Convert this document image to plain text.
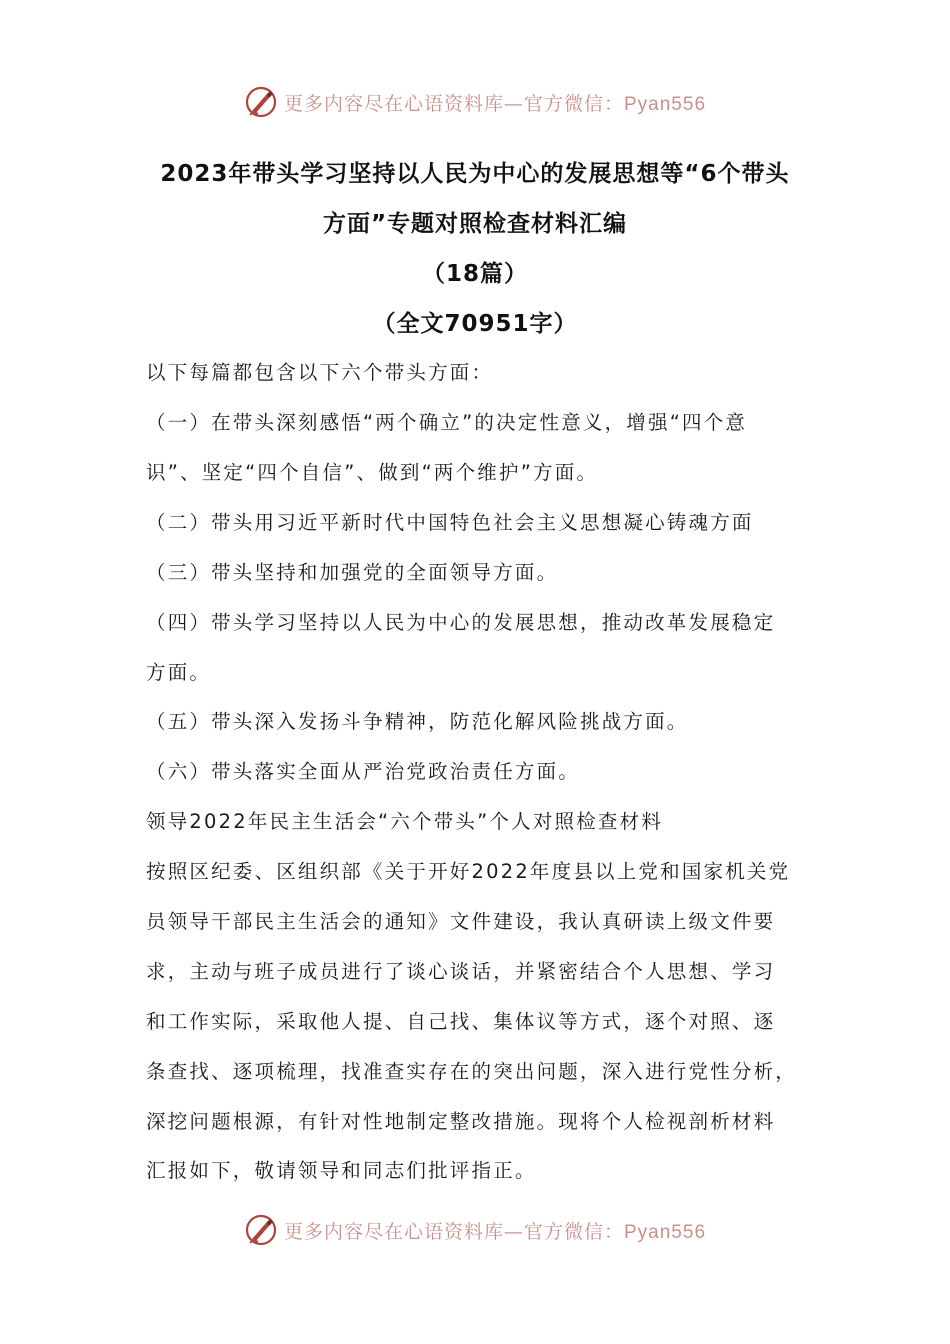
更多内容尽在心语资料库—官方微信：Pyan556
2023年带头学习坚持以人民为中心的发展思想等“6个带头
方面”专题对照检查材料汇编
（18篇）
（全文70951字）
以下每篇都包含以下六个带头方面：
（一）在带头深刻感悟“两个确立”的决定性意义，增强“四个意
识”、坚定“四个自信”、做到“两个维护”方面。
（二）带头用习近平新时代中国特色社会主义思想凝心铸魂方面
（三）带头坚持和加强党的全面领导方面。
（四）带头学习坚持以人民为中心的发展思想，推动改革发展稳定
方面。
（五）带头深入发扬斗争精神，防范化解风险挑战方面。
（六）带头落实全面从严治党政治责任方面。
领导2022年民主生活会“六个带头”个人对照检查材料
按照区纪委、区组织部《关于开好2022年度县以上党和国家机关党
员领导干部民主生活会的通知》文件建设，我认真研读上级文件要
求，主动与班子成员进行了谈心谈话，并紧密结合个人思想、学习
和工作实际，采取他人提、自己找、集体议等方式，逐个对照、逐
条查找、逐项梳理，找准查实存在的突出问题，深入进行党性分析，
深挖问题根源，有针对性地制定整改措施。现将个人检视剖析材料
汇报如下，敬请领导和同志们批评指正。
更多内容尽在心语资料库—官方微信：Pyan556
